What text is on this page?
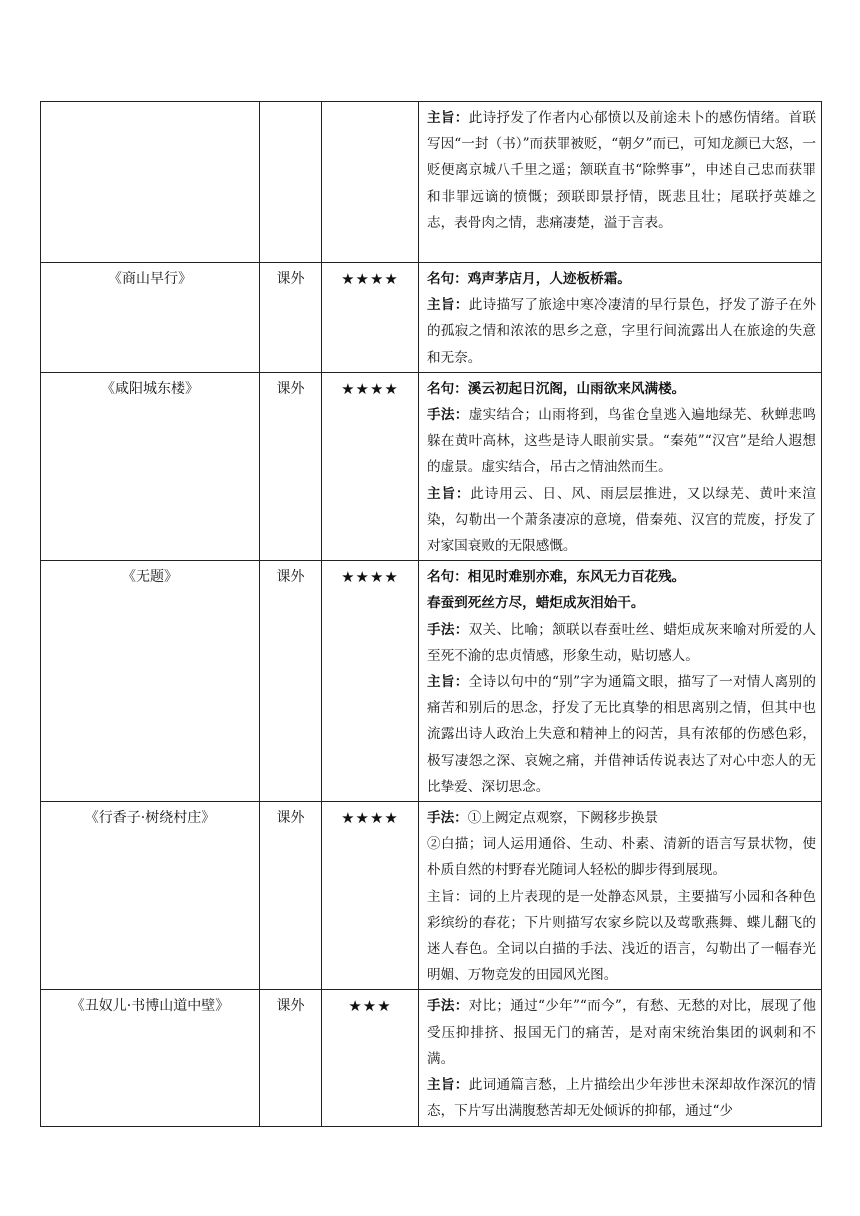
			主旨：此诗抒发了作者内心郁愤以及前途未卜的感伤情绪。首联写因“一封（书）”而获罪被贬，“朝夕”而已，可知龙颜已大怒，一贬便离京城八千里之遥；颔联直书“除弊事”，申述自己忠而获罪和非罪远谪的愤慨；颈联即景抒情，既悲且壮；尾联抒英雄之志，表骨肉之情，悲痛凄楚，溢于言表。

《商山早行》	课外	★★★★	名句：鸡声茅店月，人迹板桥霜。

主旨：此诗描写了旅途中寒冷凄清的早行景色，抒发了游子在外的孤寂之情和浓浓的思乡之意，字里行间流露出人在旅途的失意和无奈。

《咸阳城东楼》	课外	★★★★	名句：溪云初起日沉阁，山雨欲来风满楼。

手法：虚实结合；山雨将到，鸟雀仓皇逃入遍地绿芜、秋蝉悲鸣躲在黄叶高林，这些是诗人眼前实景。“秦苑”“汉宫”是给人遐想的虚景。虚实结合，吊古之情油然而生。

主旨：此诗用云、日、风、雨层层推进，又以绿芜、黄叶来渲染，勾勒出一个萧条凄凉的意境，借秦苑、汉宫的荒废，抒发了对家国衰败的无限感慨。

《无题》	课外	★★★★	名句：相见时难别亦难，东风无力百花残。

春蚕到死丝方尽，蜡炬成灰泪始干。

手法：双关、比喻；颔联以春蚕吐丝、蜡炬成灰来喻对所爱的人至死不渝的忠贞情感，形象生动，贴切感人。

主旨：全诗以句中的“别”字为通篇文眼，描写了一对情人离别的痛苦和别后的思念，抒发了无比真挚的相思离别之情，但其中也流露出诗人政治上失意和精神上的闷苦，具有浓郁的伤感色彩，极写凄怨之深、哀婉之痛，并借神话传说表达了对心中恋人的无比挚爱、深切思念。

《行香子·树绕村庄》	课外	★★★★	手法：①上阙定点观察，下阙移步换景

②白描；词人运用通俗、生动、朴素、清新的语言写景状物，使朴质自然的村野春光随词人轻松的脚步得到展现。

主旨：词的上片表现的是一处静态风景，主要描写小园和各种色彩缤纷的春花；下片则描写农家乡院以及莺歌燕舞、蝶儿翻飞的迷人春色。全词以白描的手法、浅近的语言，勾勒出了一幅春光明媚、万物竞发的田园风光图。

《丑奴儿·书博山道中壁》	课外	★★★	手法：对比；通过“少年”“而今”，有愁、无愁的对比，展现了他受压抑排挤、报国无门的痛苦，是对南宋统治集团的讽刺和不满。

主旨：此词通篇言愁，上片描绘出少年涉世未深却故作深沉的情态，下片写出满腹愁苦却无处倾诉的抑郁，通过“少
